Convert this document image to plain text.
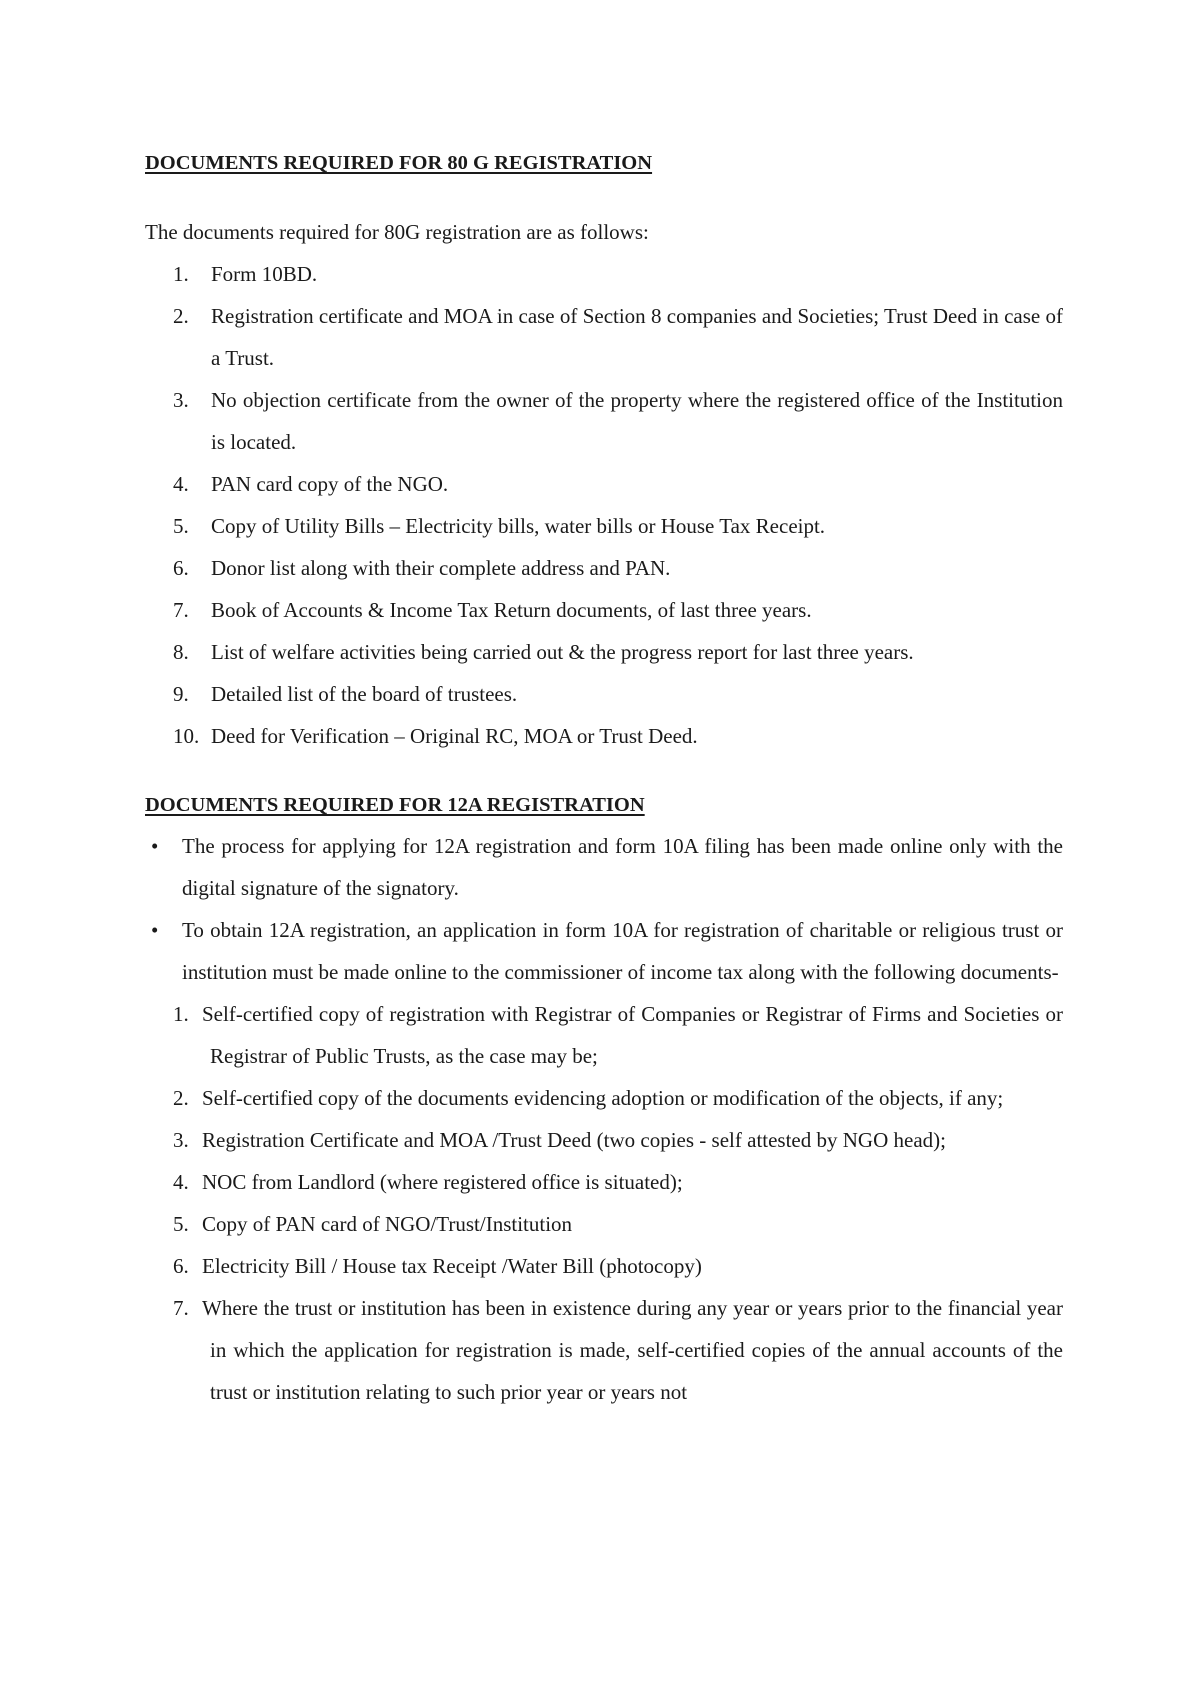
DOCUMENTS REQUIRED FOR 80 G REGISTRATION

The documents required for 80G registration are as follows:

1. Form 10BD.
2. Registration certificate and MOA in case of Section 8 companies and Societies; Trust Deed in case of a Trust.
3. No objection certificate from the owner of the property where the registered office of the Institution is located.
4. PAN card copy of the NGO.
5. Copy of Utility Bills – Electricity bills, water bills or House Tax Receipt.
6. Donor list along with their complete address and PAN.
7. Book of Accounts & Income Tax Return documents, of last three years.
8. List of welfare activities being carried out & the progress report for last three years.
9. Detailed list of the board of trustees.
10. Deed for Verification – Original RC, MOA or Trust Deed.
DOCUMENTS REQUIRED FOR 12A REGISTRATION
• The process for applying for 12A registration and form 10A filing has been made online only with the digital signature of the signatory.
• To obtain 12A registration, an application in form 10A for registration of charitable or religious trust or institution must be made online to the commissioner of income tax along with the following documents-
1. Self-certified copy of registration with Registrar of Companies or Registrar of Firms and Societies or Registrar of Public Trusts, as the case may be;
2. Self-certified copy of the documents evidencing adoption or modification of the objects, if any;
3. Registration Certificate and MOA /Trust Deed (two copies - self attested by NGO head);
4. NOC from Landlord (where registered office is situated);
5. Copy of PAN card of NGO/Trust/Institution
6. Electricity Bill / House tax Receipt /Water Bill (photocopy)
7. Where the trust or institution has been in existence during any year or years prior to the financial year in which the application for registration is made, self-certified copies of the annual accounts of the trust or institution relating to such prior year or years not
